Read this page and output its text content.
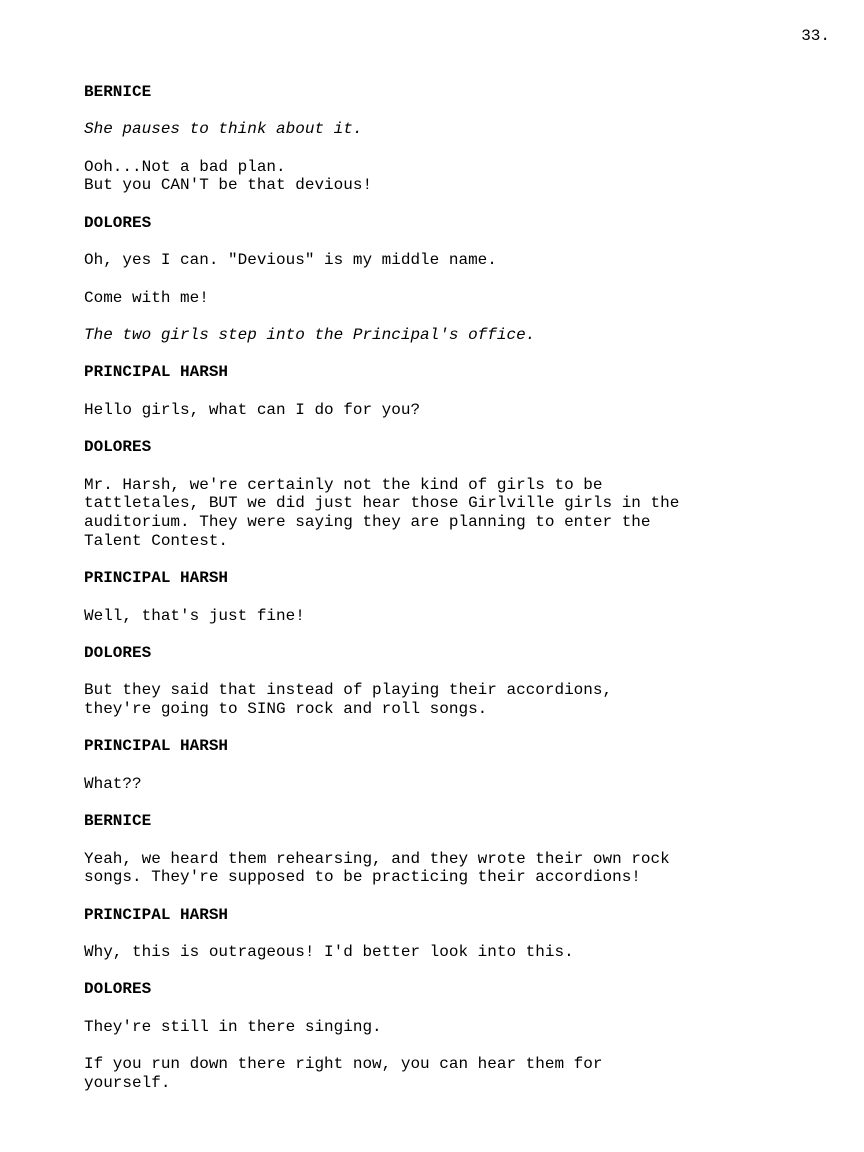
33.
BERNICE
She pauses to think about it.
Ooh...Not a bad plan.
But you CAN'T be that devious!
DOLORES
Oh, yes I can. "Devious" is my middle name.
Come with me!
The two girls step into the Principal's office.
PRINCIPAL HARSH
Hello girls, what can I do for you?
DOLORES
Mr. Harsh, we're certainly not the kind of girls to be
tattletales, BUT we did just hear those Girlville girls in the
auditorium. They were saying they are planning to enter the
Talent Contest.
PRINCIPAL HARSH
Well, that's just fine!
DOLORES
But they said that instead of playing their accordions,
they're going to SING rock and roll songs.
PRINCIPAL HARSH
What??
BERNICE
Yeah, we heard them rehearsing, and they wrote their own rock
songs. They're supposed to be practicing their accordions!
PRINCIPAL HARSH
Why, this is outrageous! I'd better look into this.
DOLORES
They're still in there singing.
If you run down there right now, you can hear them for
yourself.
